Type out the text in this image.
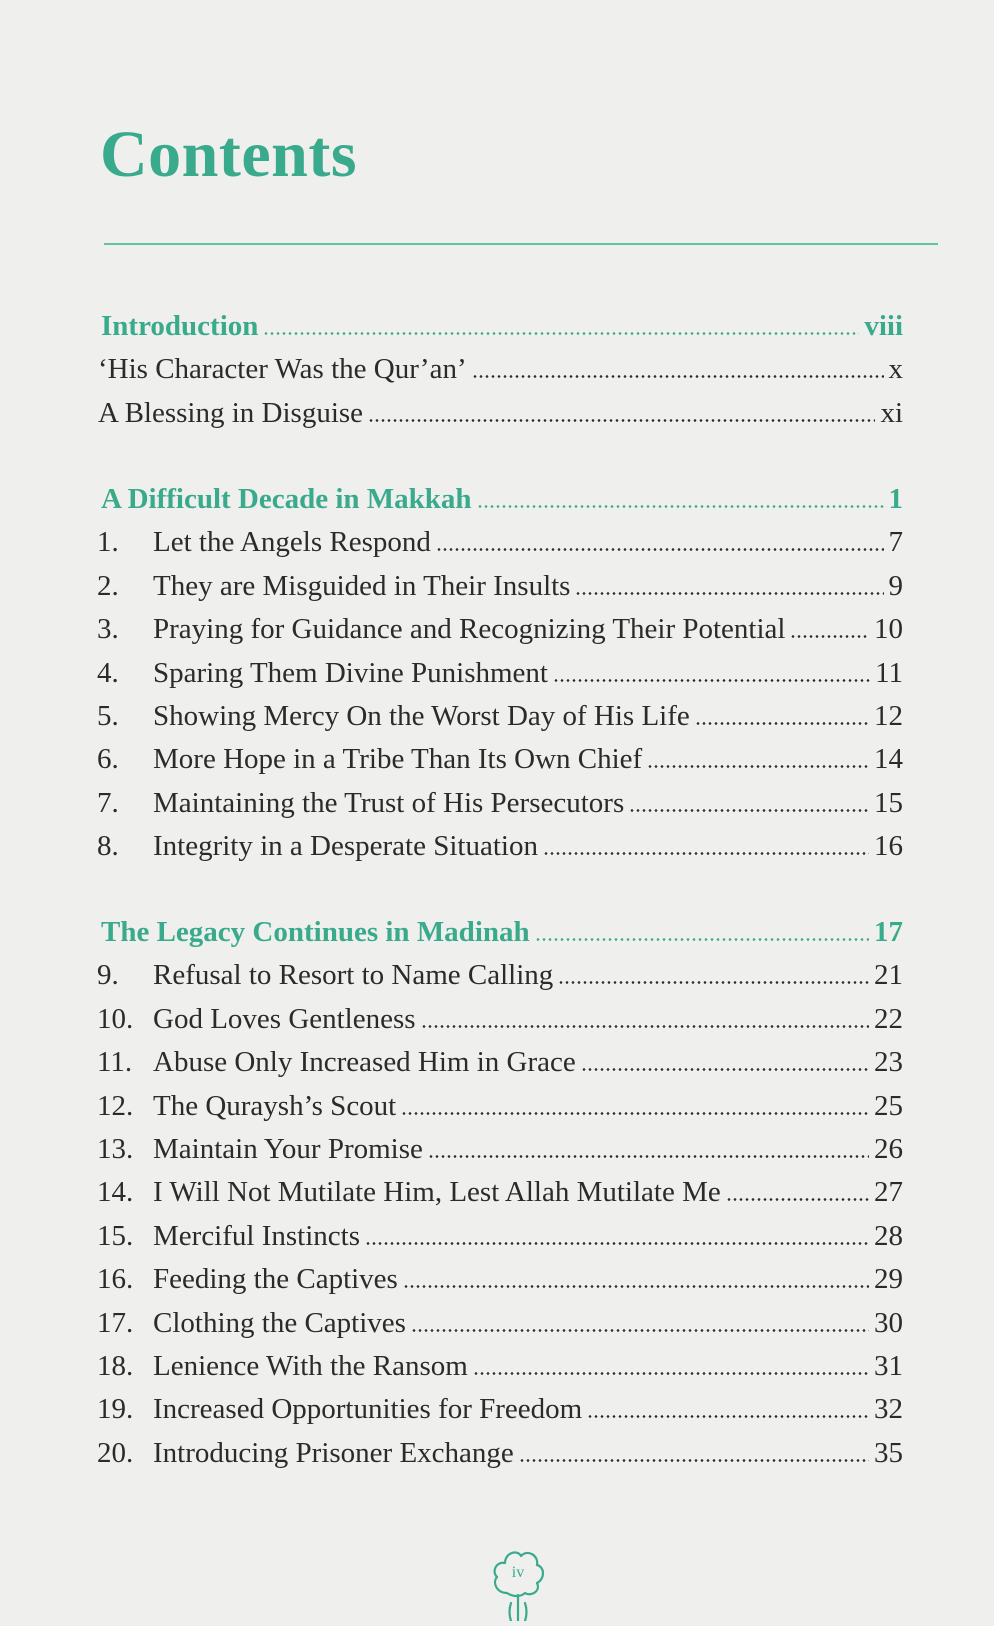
Contents
Introduction	viii
‘His Character Was the Qur’an’	x
A Blessing in Disguise	xi
A Difficult Decade in Makkah	1
1.	Let the Angels Respond	7
2.	They are Misguided in Their Insults	9
3.	Praying for Guidance and Recognizing Their Potential	10
4.	Sparing Them Divine Punishment	11
5.	Showing Mercy On the Worst Day of His Life	12
6.	More Hope in a Tribe Than Its Own Chief	14
7.	Maintaining the Trust of His Persecutors	15
8.	Integrity in a Desperate Situation	16
The Legacy Continues in Madinah	17
9.	Refusal to Resort to Name Calling	21
10. God Loves Gentleness	22
11. Abuse Only Increased Him in Grace	23
12. The Quraysh’s Scout	25
13. Maintain Your Promise	26
14. I Will Not Mutilate Him, Lest Allah Mutilate Me	27
15. Merciful Instincts	28
16. Feeding the Captives	29
17. Clothing the Captives	30
18. Lenience With the Ransom	31
19. Increased Opportunities for Freedom	32
20. Introducing Prisoner Exchange	35
iv
